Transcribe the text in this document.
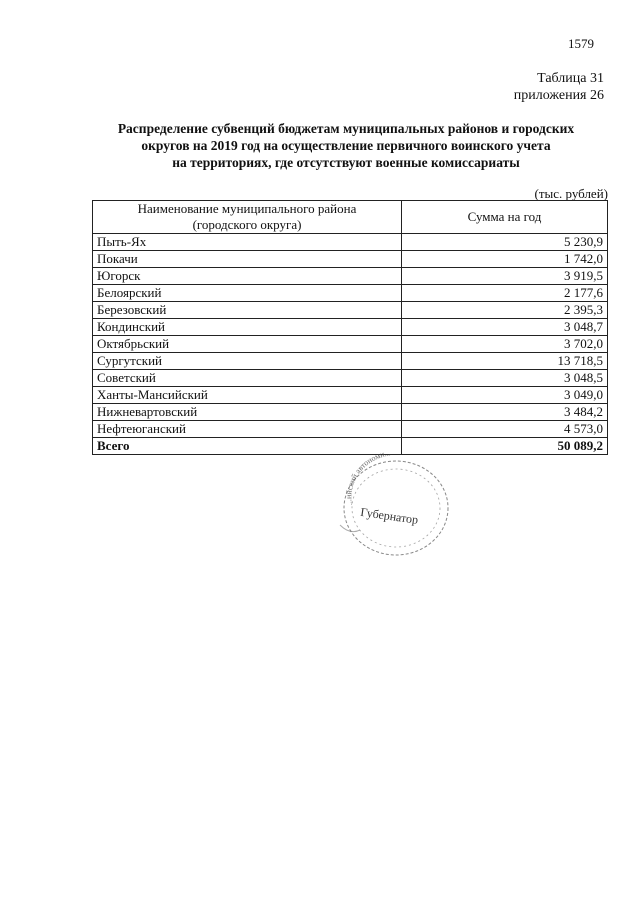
1579
Таблица 31
приложения 26
Распределение субвенций бюджетам муниципальных районов и городских
округов на 2019 год на осуществление первичного воинского учета
на территориях, где отсутствуют военные комиссариаты
(тыс. рублей)
Наименование муниципального района
(городского округа)	Сумма на год
Пыть-Ях	5 230,9
Покачи	1 742,0
Югорск	3 919,5
Белоярский	2 177,6
Березовский	2 395,3
Кондинский	3 048,7
Октябрьский	3 702,0
Сургутский	13 718,5
Советский	3 048,5
Ханты-Мансийский	3 049,0
Нижневартовский	3 484,2
Нефтеюганский	4 573,0
Всего	50 089,2
...ийский автономн...
Губернатор
